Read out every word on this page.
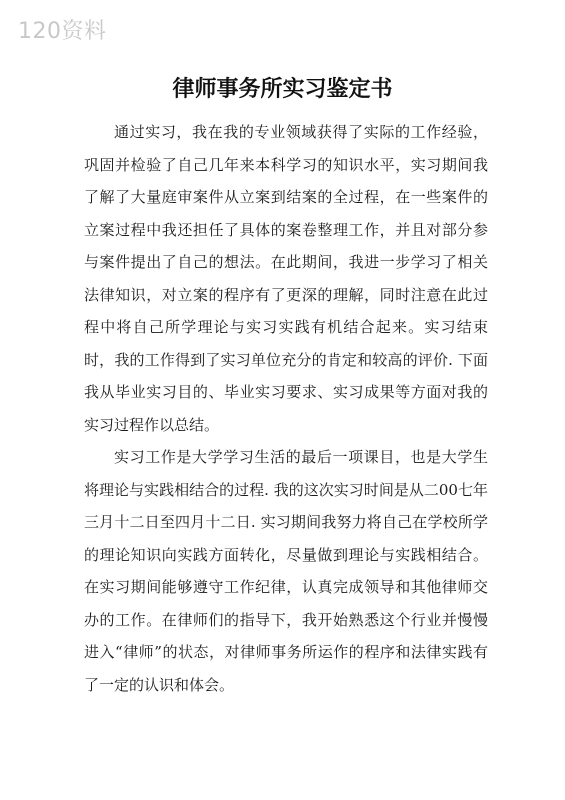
120资料
律师事务所实习鉴定书

通过实习，我在我的专业领域获得了实际的工作经验，巩固并检验了自己几年来本科学习的知识水平，实习期间我了解了大量庭审案件从立案到结案的全过程，在一些案件的立案过程中我还担任了具体的案卷整理工作，并且对部分参与案件提出了自己的想法。在此期间，我进一步学习了相关法律知识，对立案的程序有了更深的理解，同时注意在此过程中将自己所学理论与实习实践有机结合起来。实习结束时，我的工作得到了实习单位充分的肯定和较高的评价. 下面我从毕业实习目的、毕业实习要求、实习成果等方面对我的实习过程作以总结。

实习工作是大学学习生活的最后一项课目，也是大学生将理论与实践相结合的过程. 我的这次实习时间是从二00七年三月十二日至四月十二日. 实习期间我努力将自己在学校所学的理论知识向实践方面转化，尽量做到理论与实践相结合。在实习期间能够遵守工作纪律，认真完成领导和其他律师交办的工作。在律师们的指导下，我开始熟悉这个行业并慢慢进入“律师”的状态，对律师事务所运作的程序和法律实践有了一定的认识和体会。
